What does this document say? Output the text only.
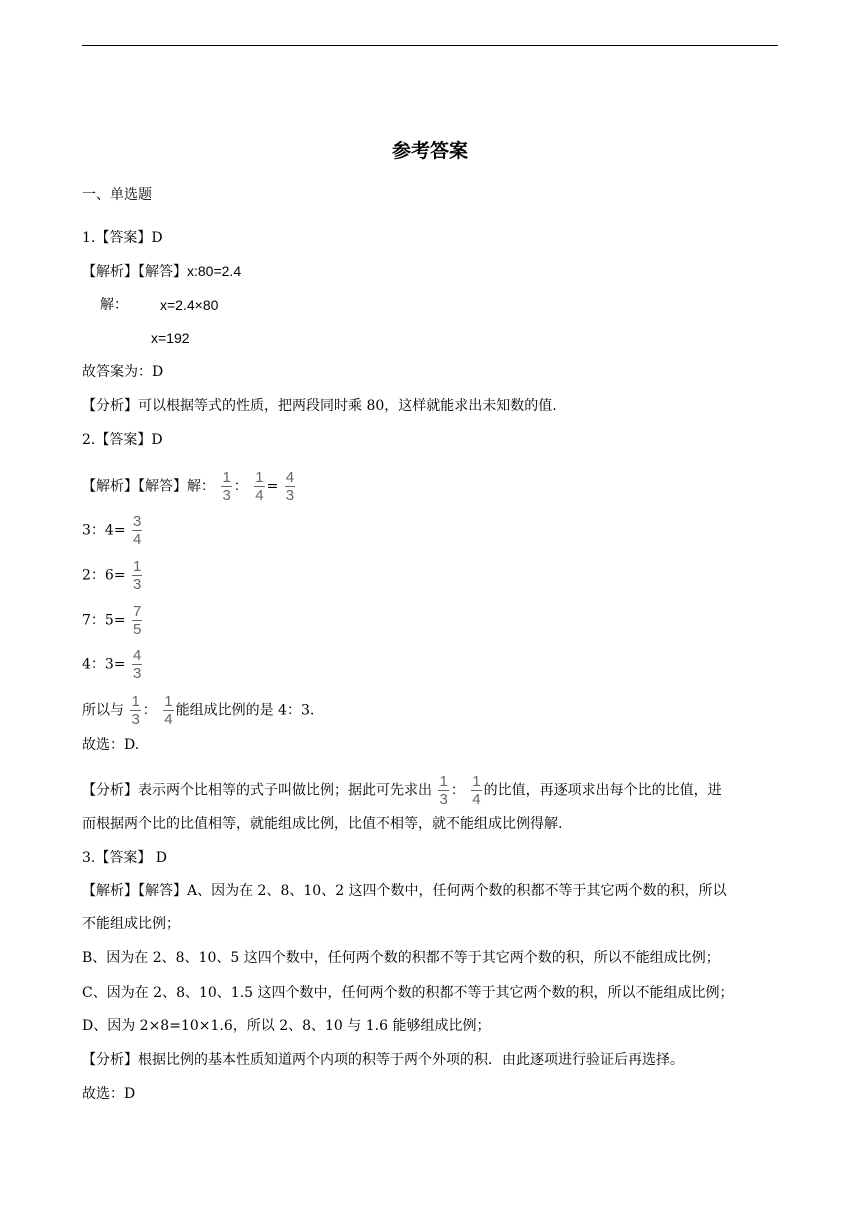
参考答案
一、单选题
1.【答案】D
【解析】【解答】x:80=2.4
解： x=2.4×80
x=192
故答案为：D
【分析】可以根据等式的性质，把两段同时乘 80，这样就能求出未知数的值.
2.【答案】D
【解析】【解答】解： $\frac{1}{3}$ ： $\frac{1}{4} = \frac{4}{3}$
3：$4= \frac{3}{4}$
2：$6= \frac{1}{3}$
7：$5= \frac{7}{5}$
4：$3= \frac{4}{3}$
所以与 $\frac{1}{3}$ ： $\frac{1}{4}$ 能组成比例的是 4：3.
故选：D.
【分析】表示两个比相等的式子叫做比例；据此可先求出 $\frac{1}{3}$ ： $\frac{1}{4}$ 的比值，再逐项求出每个比的比值，进
而根据两个比的比值相等，就能组成比例，比值不相等，就不能组成比例得解.
3.【答案】 D
【解析】【解答】A、因为在 2、8、10、2 这四个数中，任何两个数的积都不等于其它两个数的积，所以
不能组成比例；
B、因为在 2、8、10、5 这四个数中，任何两个数的积都不等于其它两个数的积，所以不能组成比例；
C、因为在 2、8、10、1.5 这四个数中，任何两个数的积都不等于其它两个数的积，所以不能组成比例；
D、因为 2×8=10×1.6，所以 2、8、10 与 1.6 能够组成比例；
【分析】根据比例的基本性质知道两个内项的积等于两个外项的积．由此逐项进行验证后再选择。
故选：D
